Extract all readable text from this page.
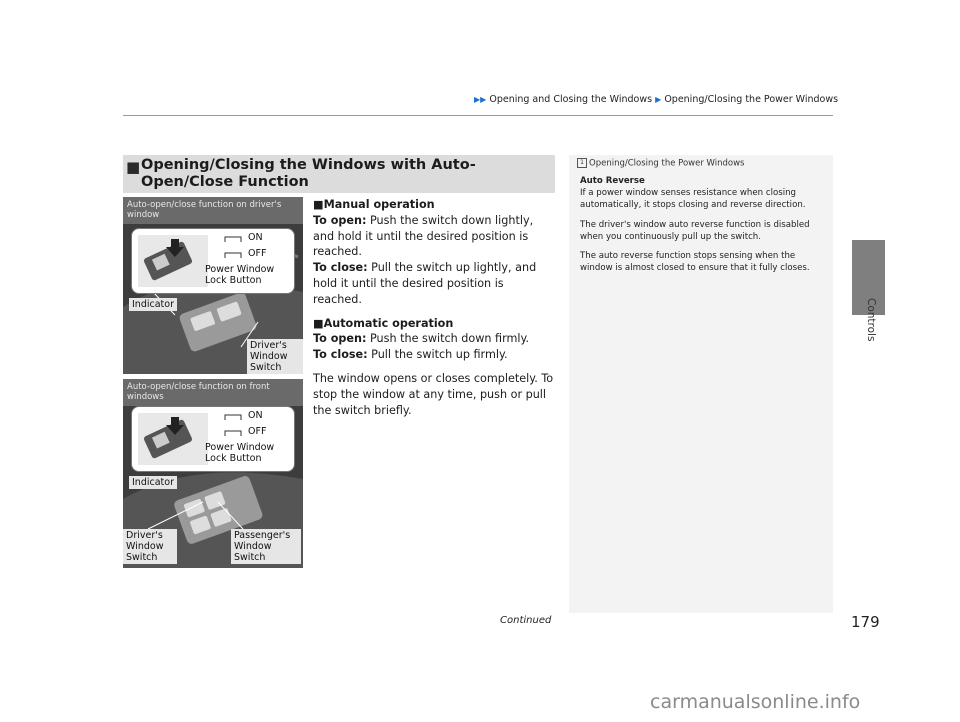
▶▶ Opening and Closing the Windows ▶ Opening/Closing the Power Windows
Controls
■ Opening/Closing the Windows with Auto-Open/Close Function

■Manual operation

To open: Push the switch down lightly, and hold it until the desired position is reached.

To close: Pull the switch up lightly, and hold it until the desired position is reached.

■Automatic operation

To open: Push the switch down firmly.

To close: Pull the switch up firmly.

The window opens or closes completely. To stop the window at any time, push or pull the switch briefly.

Auto-open/close function on driver's window
ON
OFF
Power Window Lock Button
Indicator
Driver's Window Switch
Auto-open/close function on front windows
ON
OFF
Power Window Lock Button
Indicator
Driver's Window Switch
Passenger's Window Switch
1 Opening/Closing the Power Windows

Auto Reverse

If a power window senses resistance when closing automatically, it stops closing and reverse direction.

The driver's window auto reverse function is disabled when you continuously pull up the switch.

The auto reverse function stops sensing when the window is almost closed to ensure that it fully closes.

Continued	179
carmanualsonline.info
